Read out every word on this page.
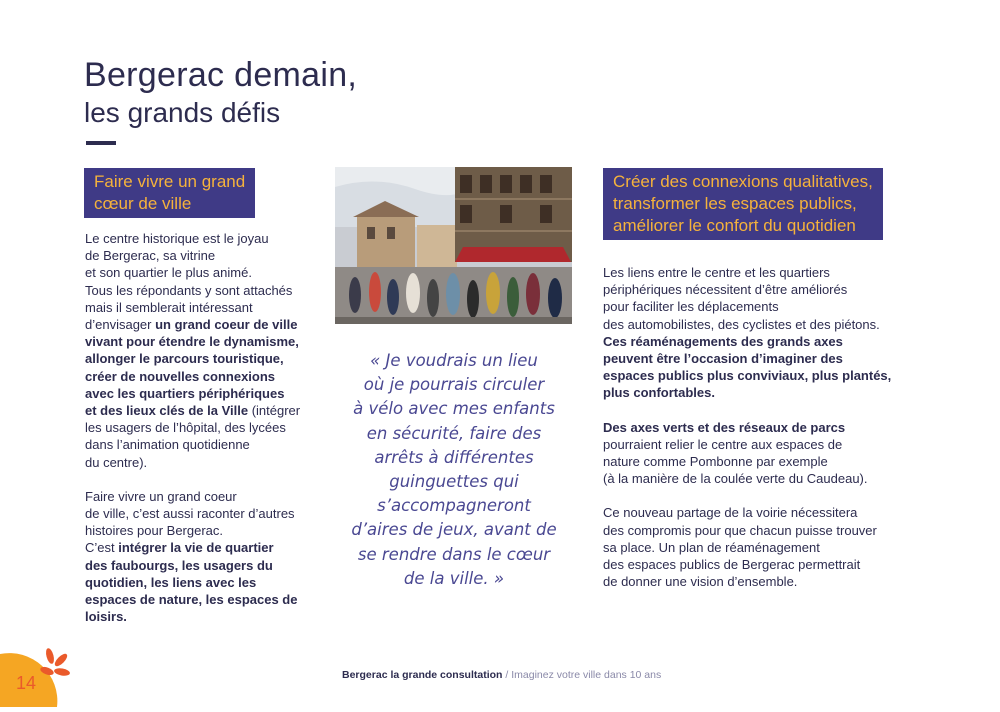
Bergerac demain,
les grands défis
Faire vivre un grand
cœur de ville
Le centre historique est le joyau
de Bergerac, sa vitrine
et son quartier le plus animé.
Tous les répondants y sont attachés
mais il semblerait intéressant
d’envisager un grand coeur de ville
vivant pour étendre le dynamisme,
allonger le parcours touristique,
créer de nouvelles connexions
avec les quartiers périphériques
et des lieux clés de la Ville (intégrer
les usagers de l’hôpital, des lycées
dans l’animation quotidienne
du centre).
Faire vivre un grand coeur
de ville, c’est aussi raconter d’autres
histoires pour Bergerac.
C’est intégrer la vie de quartier
des faubourgs, les usagers du
quotidien, les liens avec les
espaces de nature, les espaces de
loisirs.
« Je voudrais un lieu
où je pourrais circuler
à vélo avec mes enfants
en sécurité, faire des
arrêts à différentes
guinguettes qui
s’accompagneront
d’aires de jeux, avant de
se rendre dans le cœur
de la ville. »
Créer des connexions qualitatives,
transformer les espaces publics,
améliorer le confort du quotidien
Les liens entre le centre et les quartiers
périphériques nécessitent d’être améliorés
pour faciliter les déplacements
des automobilistes, des cyclistes et des piétons.
Ces réaménagements des grands axes
peuvent être l’occasion d’imaginer des
espaces publics plus conviviaux, plus plantés,
plus confortables.
Des axes verts et des réseaux de parcs
pourraient relier le centre aux espaces de
nature comme Pombonne par exemple
(à la manière de la coulée verte du Caudeau).
Ce nouveau partage de la voirie nécessitera
des compromis pour que chacun puisse trouver
sa place. Un plan de réaménagement
des espaces publics de Bergerac permettrait
de donner une vision d’ensemble.
Bergerac la grande consultation / Imaginez votre ville dans 10 ans
14
